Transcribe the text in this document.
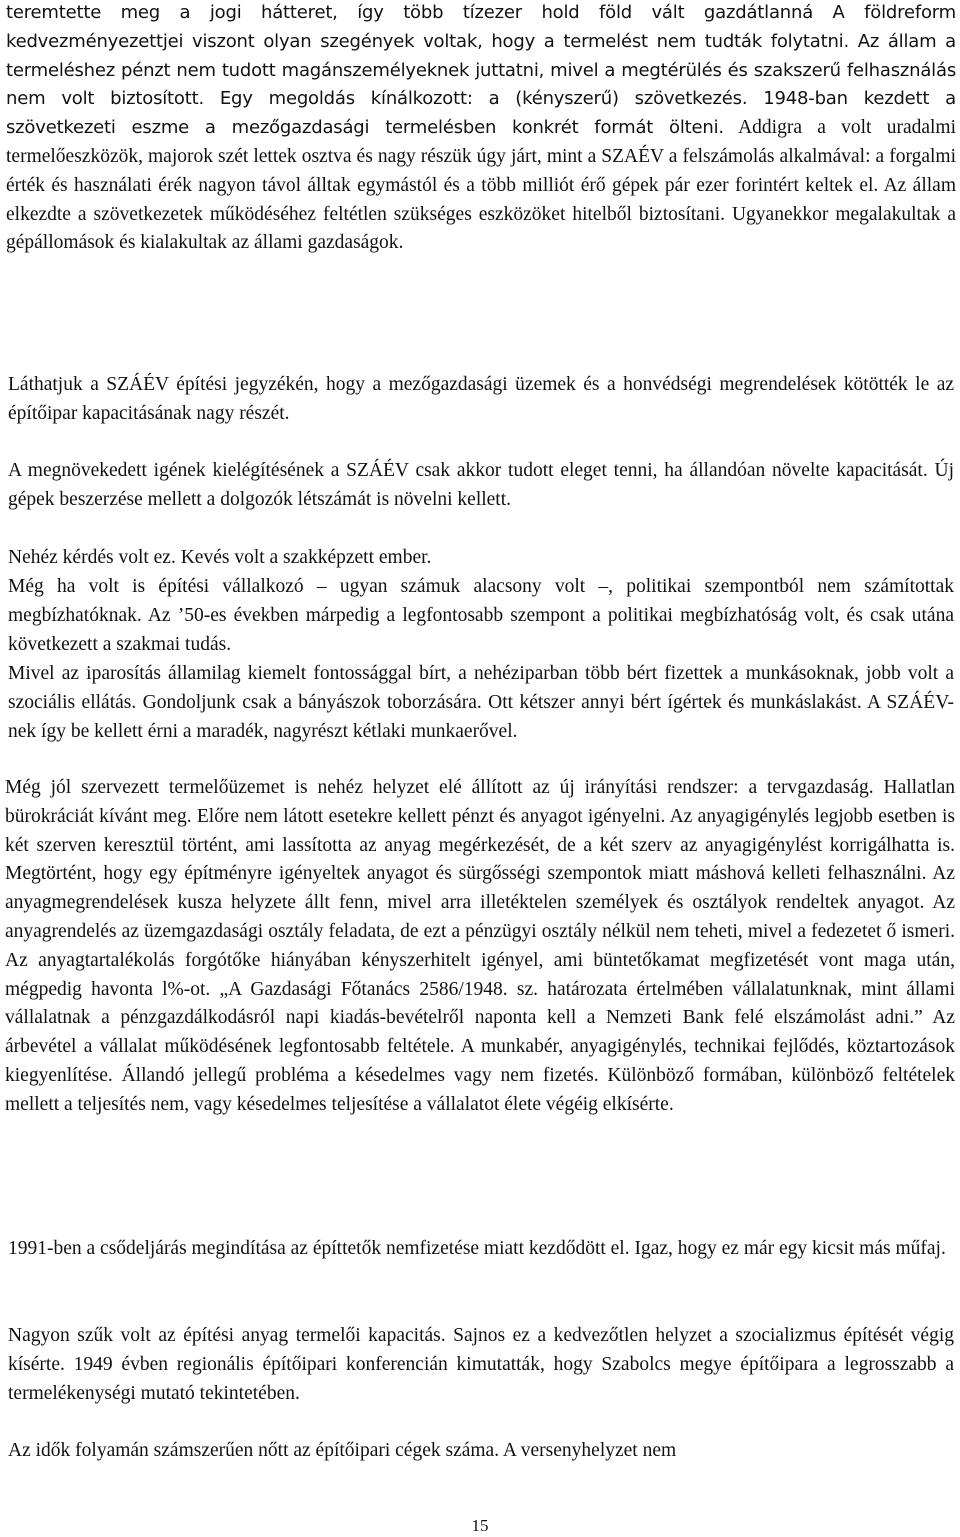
teremtette meg a jogi hátteret, így több tízezer hold föld vált gazdátlanná A földreform kedvezményezettjei viszont olyan szegények voltak, hogy a termelést nem tudták folytatni. Az állam a termeléshez pénzt nem tudott magánszemélyeknek juttatni, mivel a megtérülés és szakszerű felhasználás nem volt biztosított. Egy megoldás kínálkozott: a (kényszerű) szövetkezés. 1948-ban kezdett a szövetkezeti eszme a mezőgazdasági termelésben konkrét formát ölteni. Addigra a volt uradalmi termelőeszközök, majorok szét lettek osztva és nagy részük úgy járt, mint a SZAÉV a felszámolás alkalmával: a forgalmi érték és használati érék nagyon távol álltak egymástól és a több milliót érő gépek pár ezer forintért keltek el. Az állam elkezdte a szövetkezetek működéséhez feltétlen szükséges eszközöket hitelből biztosítani. Ugyanekkor megalakultak a gépállomások és kialakultak az állami gazdaságok.

Láthatjuk a SZÁÉV építési jegyzékén, hogy a mezőgazdasági üzemek és a honvédségi megrendelések kötötték le az építőipar kapacitásának nagy részét.

A megnövekedett igének kielégítésének a SZÁÉV csak akkor tudott eleget tenni, ha állandóan növelte kapacitását. Új gépek beszerzése mellett a dolgozók létszámát is növelni kellett.

Nehéz kérdés volt ez. Kevés volt a szakképzett ember.

Még ha volt is építési vállalkozó – ugyan számuk alacsony volt –, politikai szempontból nem számítottak megbízhatóknak. Az ’50-es években márpedig a legfontosabb szempont a politikai megbízhatóság volt, és csak utána következett a szakmai tudás.

Mivel az iparosítás államilag kiemelt fontossággal bírt, a nehéziparban több bért fizettek a munkásoknak, jobb volt a szociális ellátás. Gondoljunk csak a bányászok toborzására. Ott kétszer annyi bért ígértek és munkáslakást. A SZÁÉV-nek így be kellett érni a maradék, nagyrészt kétlaki munkaerővel.

Még jól szervezett termelőüzemet is nehéz helyzet elé állított az új irányítási rendszer: a tervgazdaság. Hallatlan bürokráciát kívánt meg. Előre nem látott esetekre kellett pénzt és anyagot igényelni. Az anyagigénylés legjobb esetben is két szerven keresztül történt, ami lassította az anyag megérkezését, de a két szerv az anyagigénylést korrigálhatta is. Megtörtént, hogy egy építményre igényeltek anyagot és sürgősségi szempontok miatt máshová kelleti felhasználni. Az anyagmegrendelések kusza helyzete állt fenn, mivel arra illetéktelen személyek és osztályok rendeltek anyagot. Az anyagrendelés az üzemgazdasági osztály feladata, de ezt a pénzügyi osztály nélkül nem teheti, mivel a fedezetet ő ismeri. Az anyagtartalékolás forgótőke hiányában kényszerhitelt igényel, ami büntetőkamat megfizetését vont maga után, mégpedig havonta l%-ot. „A Gazdasági Főtanács 2586/1948. sz. határozata értelmében vállalatunknak, mint állami vállalatnak a pénzgazdálkodásról napi kiadás-bevételről naponta kell a Nemzeti Bank felé elszámolást adni.” Az árbevétel a vállalat működésének legfontosabb feltétele. A munkabér, anyagigénylés, technikai fejlődés, köztartozások kiegyenlítése. Állandó jellegű probléma a késedelmes vagy nem fizetés. Különböző formában, különböző feltételek mellett a teljesítés nem, vagy késedelmes teljesítése a vállalatot élete végéig elkísérte.

1991-ben a csődeljárás megindítása az építtetők nemfizetése miatt kezdődött el. Igaz, hogy ez már egy kicsit más műfaj.

Nagyon szűk volt az építési anyag termelői kapacitás. Sajnos ez a kedvezőtlen helyzet a szocializmus építését végig kísérte. 1949 évben regionális építőipari konferencián kimutatták, hogy Szabolcs megye építőipara a legrosszabb a termelékenységi mutató tekintetében.

Az idők folyamán számszerűen nőtt az építőipari cégek száma. A versenyhelyzet nem

15
